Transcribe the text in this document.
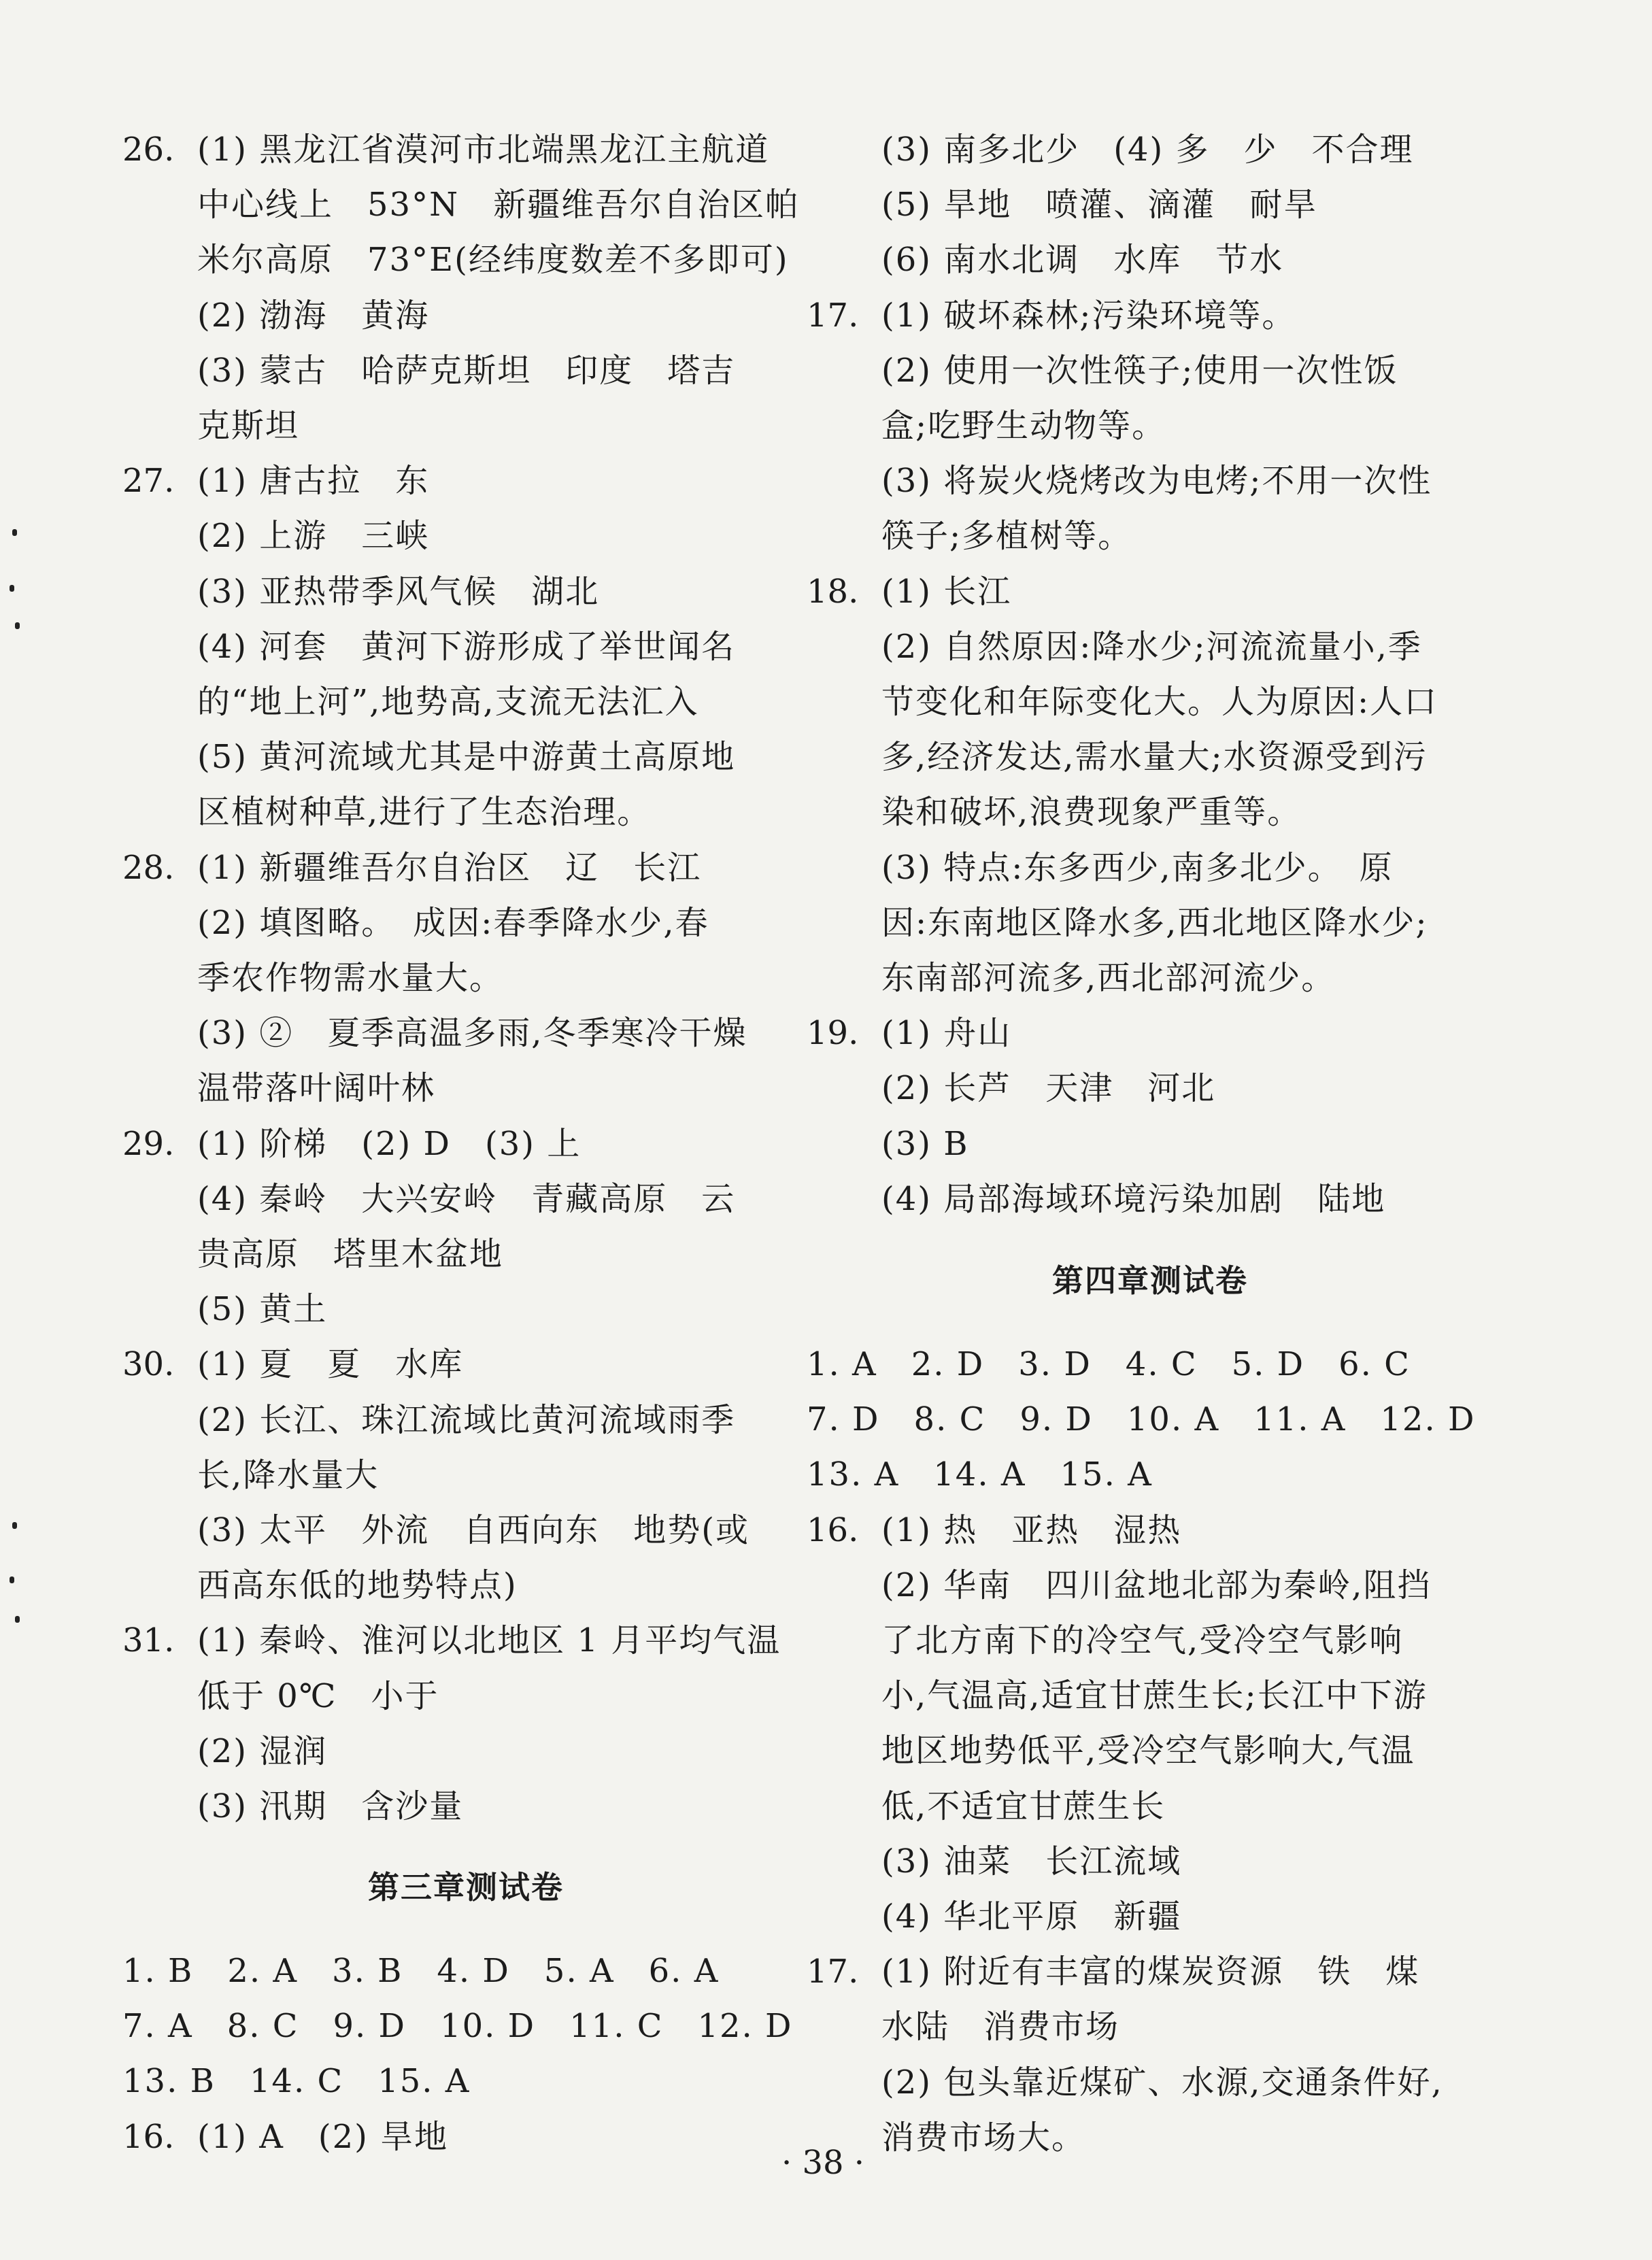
26. (1) 黑龙江省漠河市北端黑龙江主航道
中心线上　53°N　新疆维吾尔自治区帕
米尔高原　73°E(经纬度数差不多即可)
(2) 渤海　黄海
(3) 蒙古　哈萨克斯坦　印度　塔吉
克斯坦
27. (1) 唐古拉　东
(2) 上游　三峡
(3) 亚热带季风气候　湖北
(4) 河套　黄河下游形成了举世闻名
的“地上河”,地势高,支流无法汇入
(5) 黄河流域尤其是中游黄土高原地
区植树种草,进行了生态治理。
28. (1) 新疆维吾尔自治区　辽　长江
(2) 填图略。　成因:春季降水少,春
季农作物需水量大。
(3) ②　夏季高温多雨,冬季寒冷干燥
温带落叶阔叶林
29. (1) 阶梯　(2) D　(3) 上
(4) 秦岭　大兴安岭　青藏高原　云
贵高原　塔里木盆地
(5) 黄土
30. (1) 夏　夏　水库
(2) 长江、珠江流域比黄河流域雨季
长,降水量大
(3) 太平　外流　自西向东　地势(或
西高东低的地势特点)
31. (1) 秦岭、淮河以北地区 1 月平均气温
低于 0℃　小于
(2) 湿润
(3) 汛期　含沙量
第三章测试卷
1. B　2. A　3. B　4. D　5. A　6. A
7. A　8. C　9. D　10. D　11. C　12. D
13. B　14. C　15. A
16. (1) A　(2) 旱地
(3) 南多北少　(4) 多　少　不合理
(5) 旱地　喷灌、滴灌　耐旱
(6) 南水北调　水库　节水
17. (1) 破坏森林;污染环境等。
(2) 使用一次性筷子;使用一次性饭
盒;吃野生动物等。
(3) 将炭火烧烤改为电烤;不用一次性
筷子;多植树等。
18. (1) 长江
(2) 自然原因:降水少;河流流量小,季
节变化和年际变化大。人为原因:人口
多,经济发达,需水量大;水资源受到污
染和破坏,浪费现象严重等。
(3) 特点:东多西少,南多北少。　原
因:东南地区降水多,西北地区降水少;
东南部河流多,西北部河流少。
19. (1) 舟山
(2) 长芦　天津　河北
(3) B
(4) 局部海域环境污染加剧　陆地
第四章测试卷
1. A　2. D　3. D　4. C　5. D　6. C
7. D　8. C　9. D　10. A　11. A　12. D
13. A　14. A　15. A
16. (1) 热　亚热　湿热
(2) 华南　四川盆地北部为秦岭,阻挡
了北方南下的冷空气,受冷空气影响
小,气温高,适宜甘蔗生长;长江中下游
地区地势低平,受冷空气影响大,气温
低,不适宜甘蔗生长
(3) 油菜　长江流域
(4) 华北平原　新疆
17. (1) 附近有丰富的煤炭资源　铁　煤
水陆　消费市场
(2) 包头靠近煤矿、水源,交通条件好,
消费市场大。
· 38 ·
